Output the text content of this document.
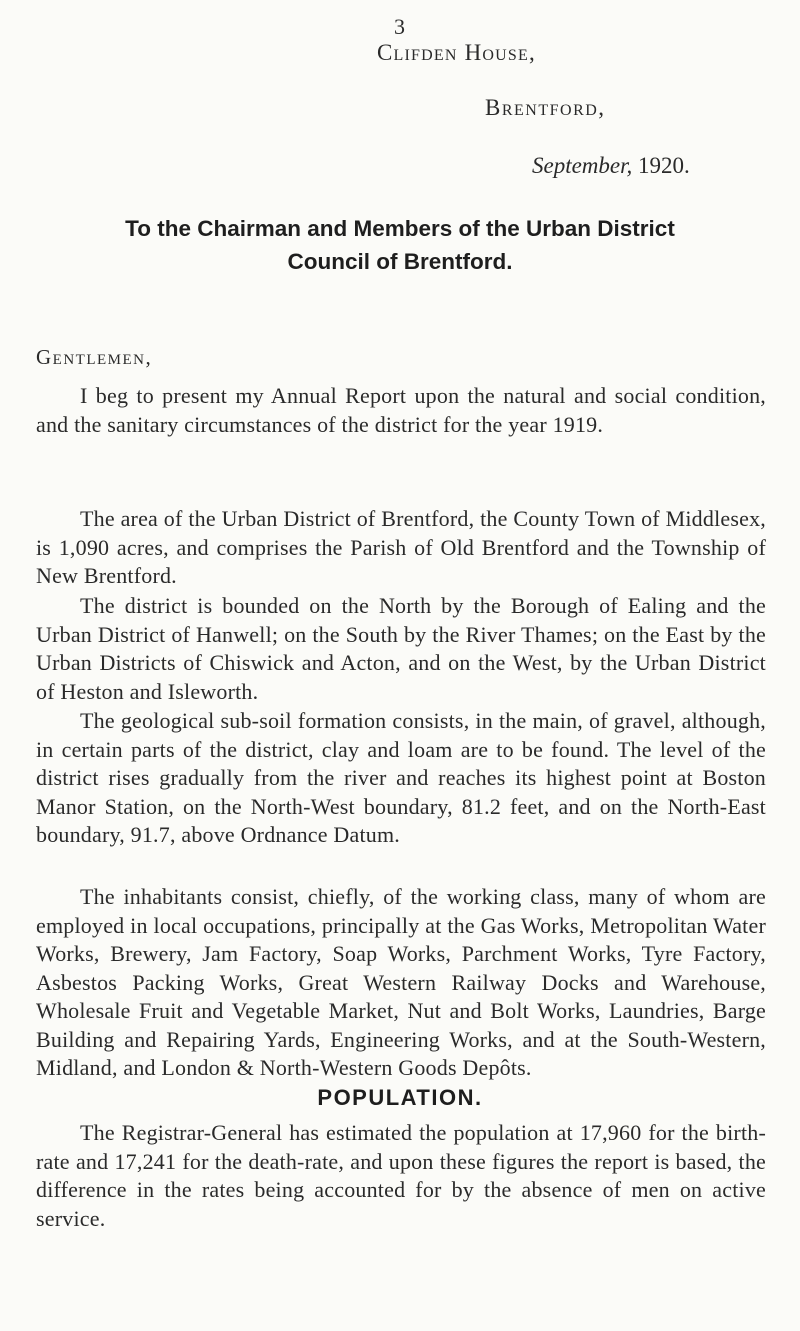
3
Clifden House,
Brentford,
September, 1920.
To the Chairman and Members of the Urban District
Council of Brentford.
Gentlemen,

I beg to present my Annual Report upon the natural and social condition, and the sanitary circumstances of the district for the year 1919.

The area of the Urban District of Brentford, the County Town of Middlesex, is 1,090 acres, and comprises the Parish of Old Brentford and the Township of New Brentford.

The district is bounded on the North by the Borough of Ealing and the Urban District of Hanwell; on the South by the River Thames; on the East by the Urban Districts of Chiswick and Acton, and on the West, by the Urban District of Heston and Isleworth.

The geological sub-soil formation consists, in the main, of gravel, although, in certain parts of the district, clay and loam are to be found. The level of the district rises gradually from the river and reaches its highest point at Boston Manor Station, on the North-West boundary, 81.2 feet, and on the North-East boundary, 91.7, above Ordnance Datum.

The inhabitants consist, chiefly, of the working class, many of whom are employed in local occupations, principally at the Gas Works, Metropolitan Water Works, Brewery, Jam Factory, Soap Works, Parchment Works, Tyre Factory, Asbestos Packing Works, Great Western Railway Docks and Warehouse, Wholesale Fruit and Vegetable Market, Nut and Bolt Works, Laundries, Barge Building and Repairing Yards, Engineering Works, and at the South-Western, Midland, and London & North-Western Goods Depôts.

POPULATION.

The Registrar-General has estimated the population at 17,960 for the birth-rate and 17,241 for the death-rate, and upon these figures the report is based, the difference in the rates being accounted for by the absence of men on active service.
